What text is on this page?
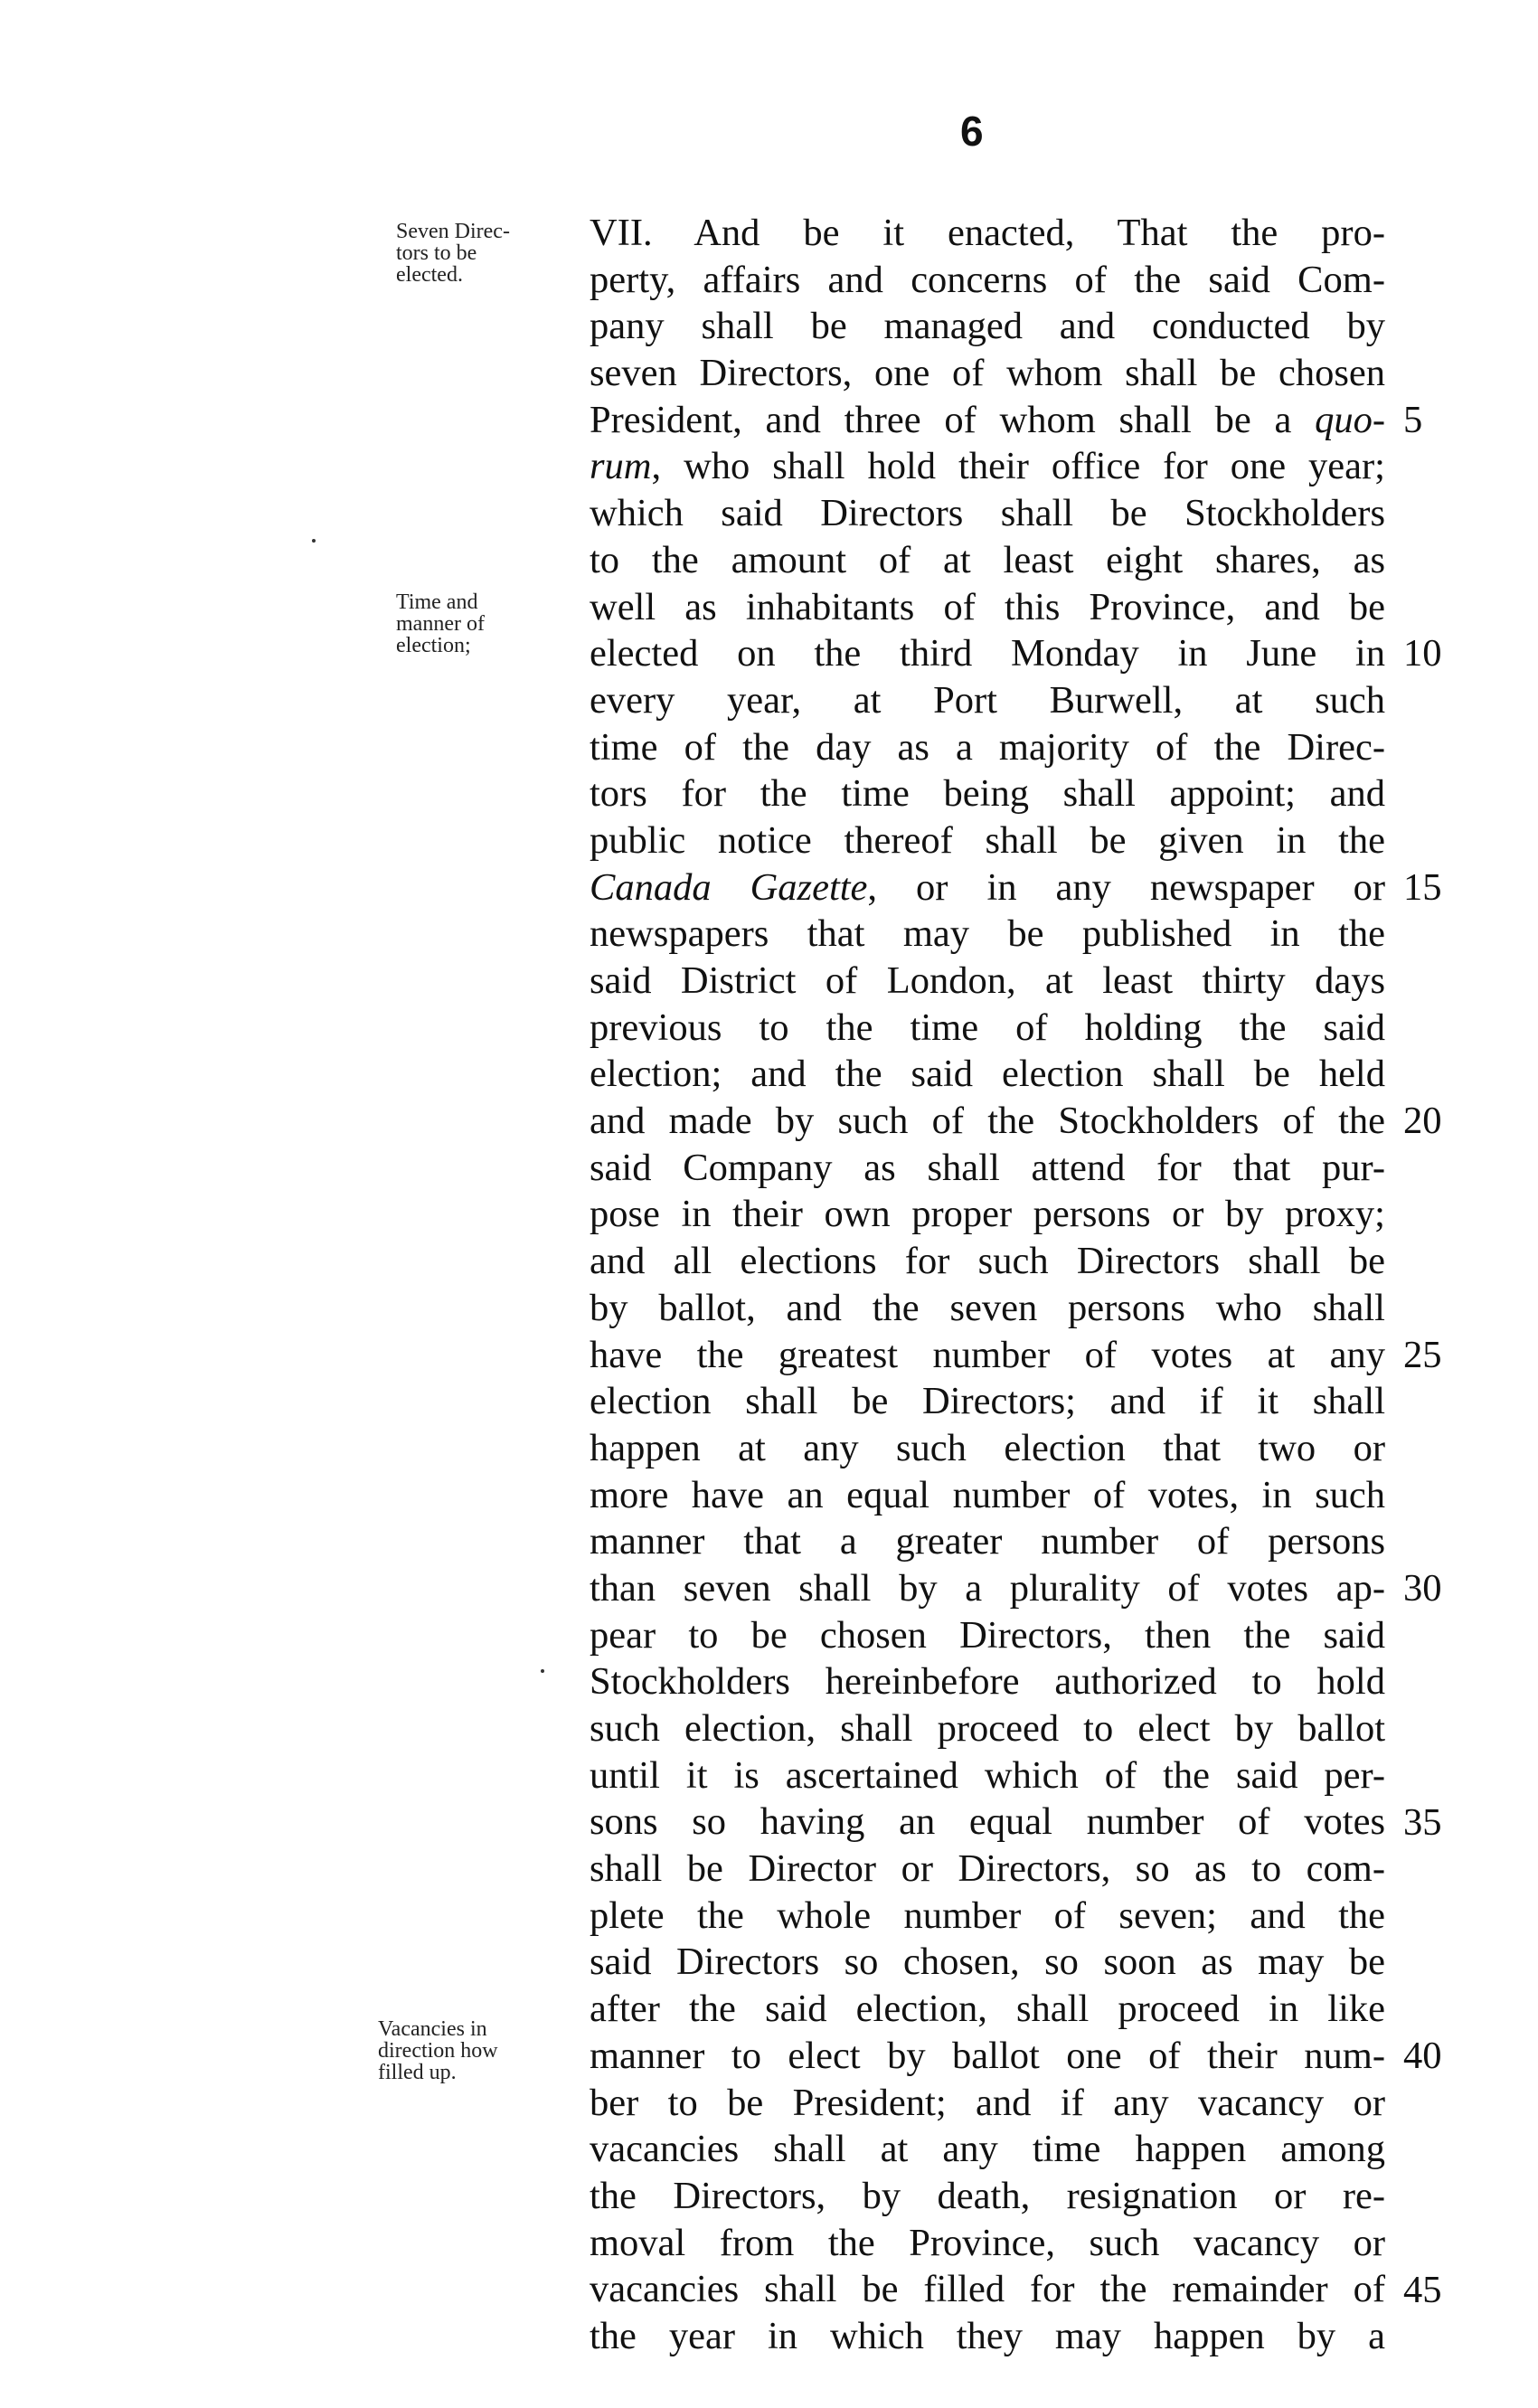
6
Seven Direc-
tors to be
elected.
Time and
manner of
election;
Vacancies in
direction how
filled up.
VII. And be it enacted, That the pro-
perty, affairs and concerns of the said Com-
pany shall be managed and conducted by
seven Directors, one of whom shall be chosen
President, and three of whom shall be a quo-
rum, who shall hold their office for one year;
which said Directors shall be Stockholders
to the amount of at least eight shares, as
well as inhabitants of this Province, and be
elected on the third Monday in June in
every year, at Port Burwell, at such
time of the day as a majority of the Direc-
tors for the time being shall appoint; and
public notice thereof shall be given in the
Canada Gazette, or in any newspaper or
newspapers that may be published in the
said District of London, at least thirty days
previous to the time of holding the said
election; and the said election shall be held
and made by such of the Stockholders of the
said Company as shall attend for that pur-
pose in their own proper persons or by proxy;
and all elections for such Directors shall be
by ballot, and the seven persons who shall
have the greatest number of votes at any
election shall be Directors; and if it shall
happen at any such election that two or
more have an equal number of votes, in such
manner that a greater number of persons
than seven shall by a plurality of votes ap-
pear to be chosen Directors, then the said
Stockholders hereinbefore authorized to hold
such election, shall proceed to elect by ballot
until it is ascertained which of the said per-
sons so having an equal number of votes
shall be Director or Directors, so as to com-
plete the whole number of seven; and the
said Directors so chosen, so soon as may be
after the said election, shall proceed in like
manner to elect by ballot one of their num-
ber to be President; and if any vacancy or
vacancies shall at any time happen among
the Directors, by death, resignation or re-
moval from the Province, such vacancy or
vacancies shall be filled for the remainder of
the year in which they may happen by a
5
10
15
20
25
30
35
40
45
